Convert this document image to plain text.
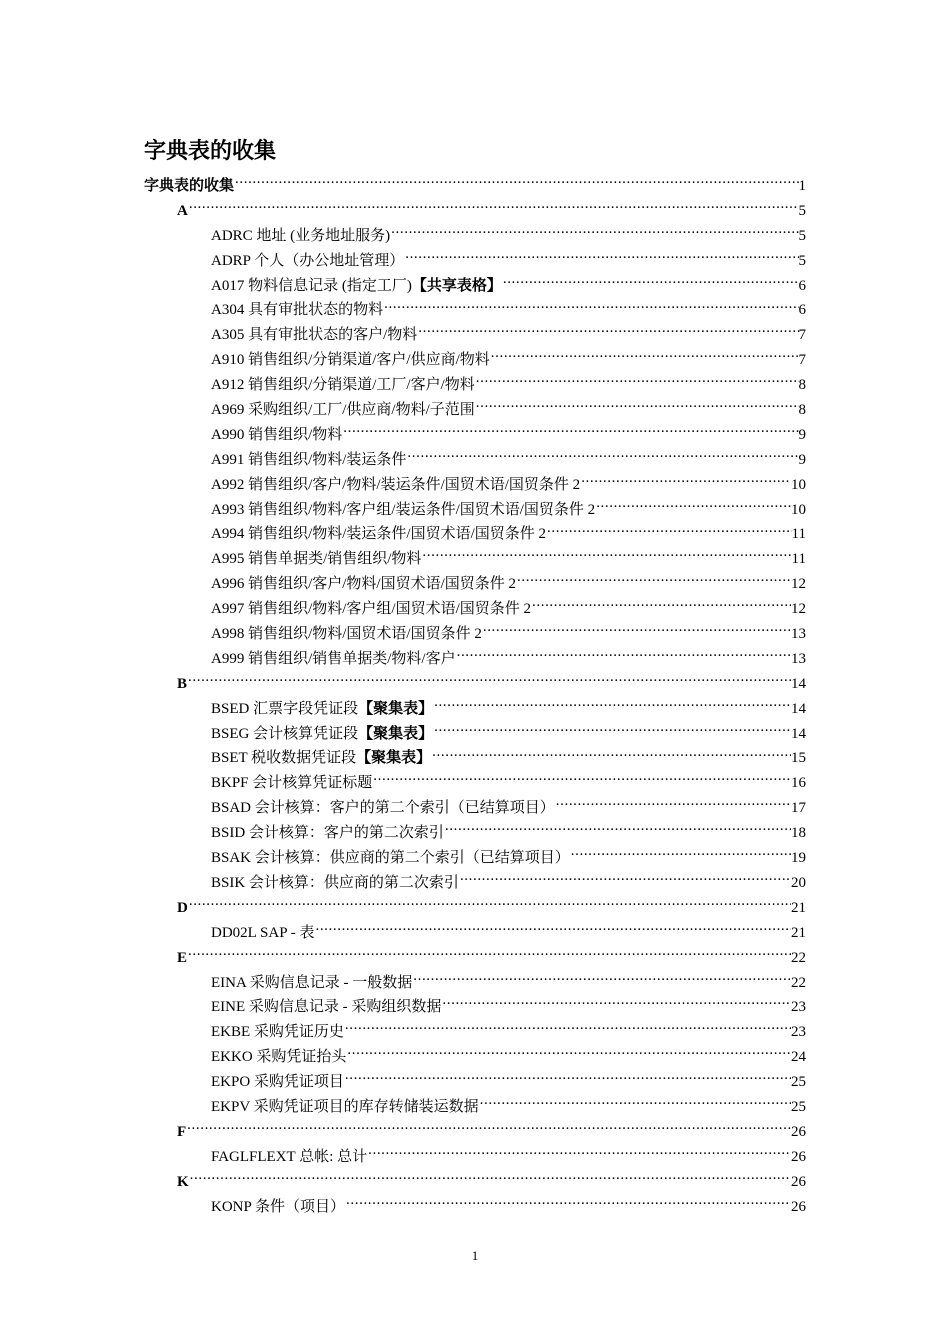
字典表的收集
字典表的收集 .....	1
A .....	5
ADRC 地址 (业务地址服务) .....	5
ADRP 个人（办公地址管理） .....	5
A017 物料信息记录 (指定工厂) 【共享表格】 .....	6
A304 具有审批状态的物料 .....	6
A305 具有审批状态的客户/物料 .....	7
A910 销售组织/分销渠道/客户/供应商/物料 .....	7
A912 销售组织/分销渠道/工厂/客户/物料 .....	8
A969 采购组织/工厂/供应商/物料/子范围 .....	8
A990 销售组织/物料 .....	9
A991 销售组织/物料/装运条件 .....	9
A992 销售组织/客户/物料/装运条件/国贸术语/国贸条件 2 .....	10
A993 销售组织/物料/客户组/装运条件/国贸术语/国贸条件 2 .....	10
A994 销售组织/物料/装运条件/国贸术语/国贸条件 2 .....	11
A995 销售单据类/销售组织/物料 .....	11
A996 销售组织/客户/物料/国贸术语/国贸条件 2 .....	12
A997 销售组织/物料/客户组/国贸术语/国贸条件 2 .....	12
A998 销售组织/物料/国贸术语/国贸条件 2 .....	13
A999 销售组织/销售单据类/物料/客户 .....	13
B .....	14
BSED 汇票字段凭证段 【聚集表】 .....	14
BSEG 会计核算凭证段 【聚集表】 .....	14
BSET 税收数据凭证段 【聚集表】 .....	15
BKPF 会计核算凭证标题 .....	16
BSAD 会计核算：客户的第二个索引（已结算项目） .....	17
BSID 会计核算：客户的第二次索引 .....	18
BSAK 会计核算：供应商的第二个索引（已结算项目） .....	19
BSIK 会计核算：供应商的第二次索引 .....	20
D .....	21
DD02L SAP - 表 .....	21
E .....	22
EINA 采购信息记录 - 一般数据 .....	22
EINE 采购信息记录 - 采购组织数据 .....	23
EKBE 采购凭证历史 .....	23
EKKO 采购凭证抬头 .....	24
EKPO 采购凭证项目 .....	25
EKPV 采购凭证项目的库存转储装运数据 .....	25
F .....	26
FAGLFLEXT 总帐: 总计 .....	26
K .....	26
KONP 条件（项目） .....	26
1
